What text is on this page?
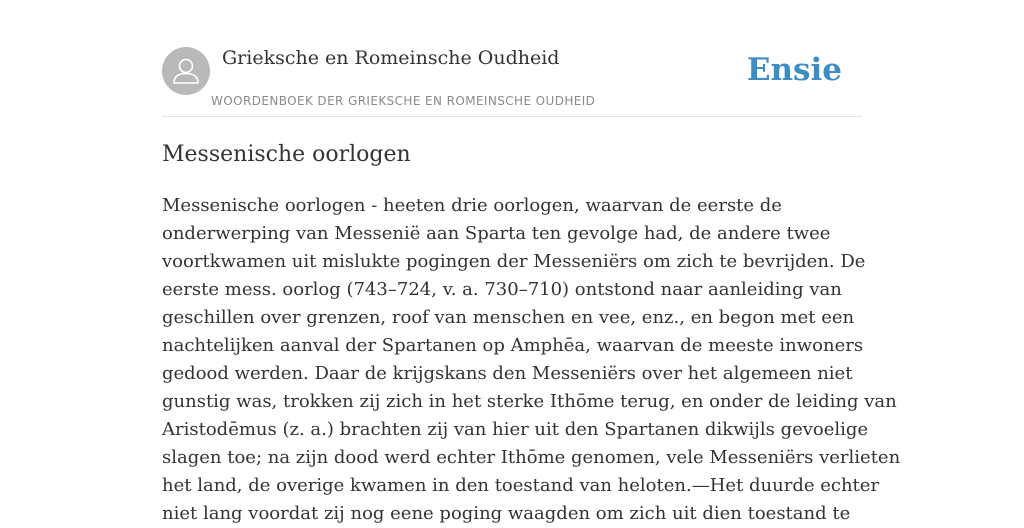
Grieksche en Romeinsche Oudheid
WOORDENBOEK DER GRIEKSCHE EN ROMEINSCHE OUDHEID
Ensie
Messenische oorlogen
Messenische oorlogen - heeten drie oorlogen, waarvan de eerste de
onderwerping van Messenië aan Sparta ten gevolge had, de andere twee
voortkwamen uit mislukte pogingen der Messeniërs om zich te bevrijden. De
eerste mess. oorlog (743–724, v. a. 730–710) ontstond naar aanleiding van
geschillen over grenzen, roof van menschen en vee, enz., en begon met een
nachtelijken aanval der Spartanen op Amphēa, waarvan de meeste inwoners
gedood werden. Daar de krijgskans den Messeniërs over het algemeen niet
gunstig was, trokken zij zich in het sterke Ithōme terug, en onder de leiding van
Aristodēmus (z. a.) brachten zij van hier uit den Spartanen dikwijls gevoelige
slagen toe; na zijn dood werd echter Ithōme genomen, vele Messeniërs verlieten
het land, de overige kwamen in den toestand van heloten.—Het duurde echter
niet lang voordat zij nog eene poging waagden om zich uit dien toestand te
